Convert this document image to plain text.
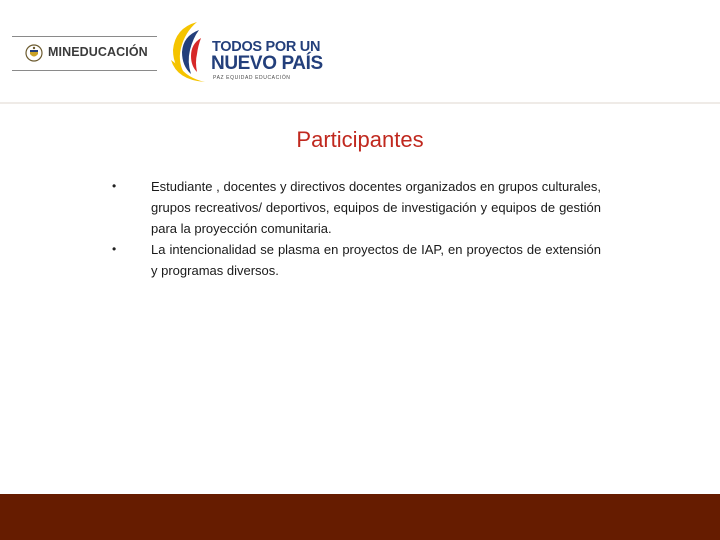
MINEDUCACIÓN	TODOS POR UN
NUEVO PAÍS
PAZ EQUIDAD EDUCACIÓN
Participantes
•	Estudiante , docentes y directivos docentes organizados en grupos culturales, grupos recreativos/ deportivos, equipos de investigación y equipos de gestión para la proyección comunitaria.
•	La intencionalidad se plasma en proyectos de IAP, en proyectos de extensión y programas diversos.
